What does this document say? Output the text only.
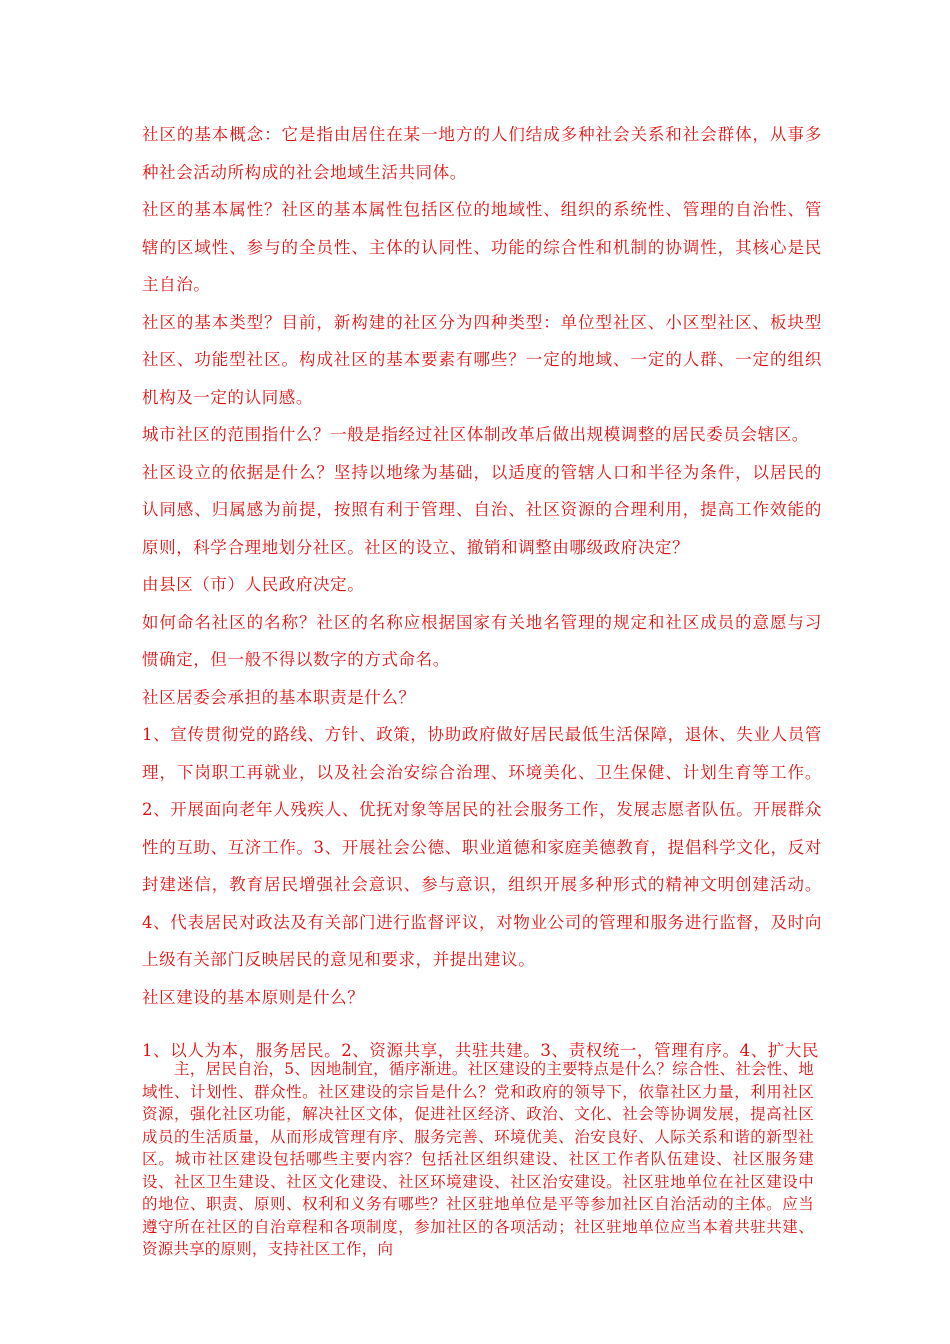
社区的基本概念：它是指由居住在某一地方的人们结成多种社会关系和社会群体，从事多种社会活动所构成的社会地域生活共同体。

社区的基本属性？社区的基本属性包括区位的地域性、组织的系统性、管理的自治性、管辖的区域性、参与的全员性、主体的认同性、功能的综合性和机制的协调性，其核心是民主自治。

社区的基本类型？目前，新构建的社区分为四种类型：单位型社区、小区型社区、板块型社区、功能型社区。构成社区的基本要素有哪些？一定的地域、一定的人群、一定的组织机构及一定的认同感。

城市社区的范围指什么？一般是指经过社区体制改革后做出规模调整的居民委员会辖区。

社区设立的依据是什么？坚持以地缘为基础，以适度的管辖人口和半径为条件，以居民的认同感、归属感为前提，按照有利于管理、自治、社区资源的合理利用，提高工作效能的原则，科学合理地划分社区。社区的设立、撤销和调整由哪级政府决定？

由县区（市）人民政府决定。

如何命名社区的名称？社区的名称应根据国家有关地名管理的规定和社区成员的意愿与习惯确定，但一般不得以数字的方式命名。

社区居委会承担的基本职责是什么？

1、宣传贯彻党的路线、方针、政策，协助政府做好居民最低生活保障，退休、失业人员管理，下岗职工再就业，以及社会治安综合治理、环境美化、卫生保健、计划生育等工作。 2、开展面向老年人残疾人、优抚对象等居民的社会服务工作，发展志愿者队伍。开展群众性的互助、互济工作。3、开展社会公德、职业道德和家庭美德教育，提倡科学文化，反对封建迷信，教育居民增强社会意识、参与意识，组织开展多种形式的精神文明创建活动。4、代表居民对政法及有关部门进行监督评议，对物业公司的管理和服务进行监督，及时向上级有关部门反映居民的意见和要求，并提出建议。

社区建设的基本原则是什么？

1、以人为本，服务居民。2、资源共享，共驻共建。3、责权统一，管理有序。4、扩大民

主，居民自治，5、因地制宜，循序渐进。社区建设的主要特点是什么？综合性、社会性、地域性、计划性、群众性。社区建设的宗旨是什么？党和政府的领导下，依靠社区力量，利用社区资源，强化社区功能，解决社区文体，促进社区经济、政治、文化、社会等协调发展，提高社区成员的生活质量，从而形成管理有序、服务完善、环境优美、治安良好、人际关系和谐的新型社区。城市社区建设包括哪些主要内容？包括社区组织建设、社区工作者队伍建设、社区服务建设、社区卫生建设、社区文化建设、社区环境建设、社区治安建设。社区驻地单位在社区建设中的地位、职责、原则、权利和义务有哪些？社区驻地单位是平等参加社区自治活动的主体。应当遵守所在社区的自治章程和各项制度，参加社区的各项活动；社区驻地单位应当本着共驻共建、资源共享的原则，支持社区工作，向
